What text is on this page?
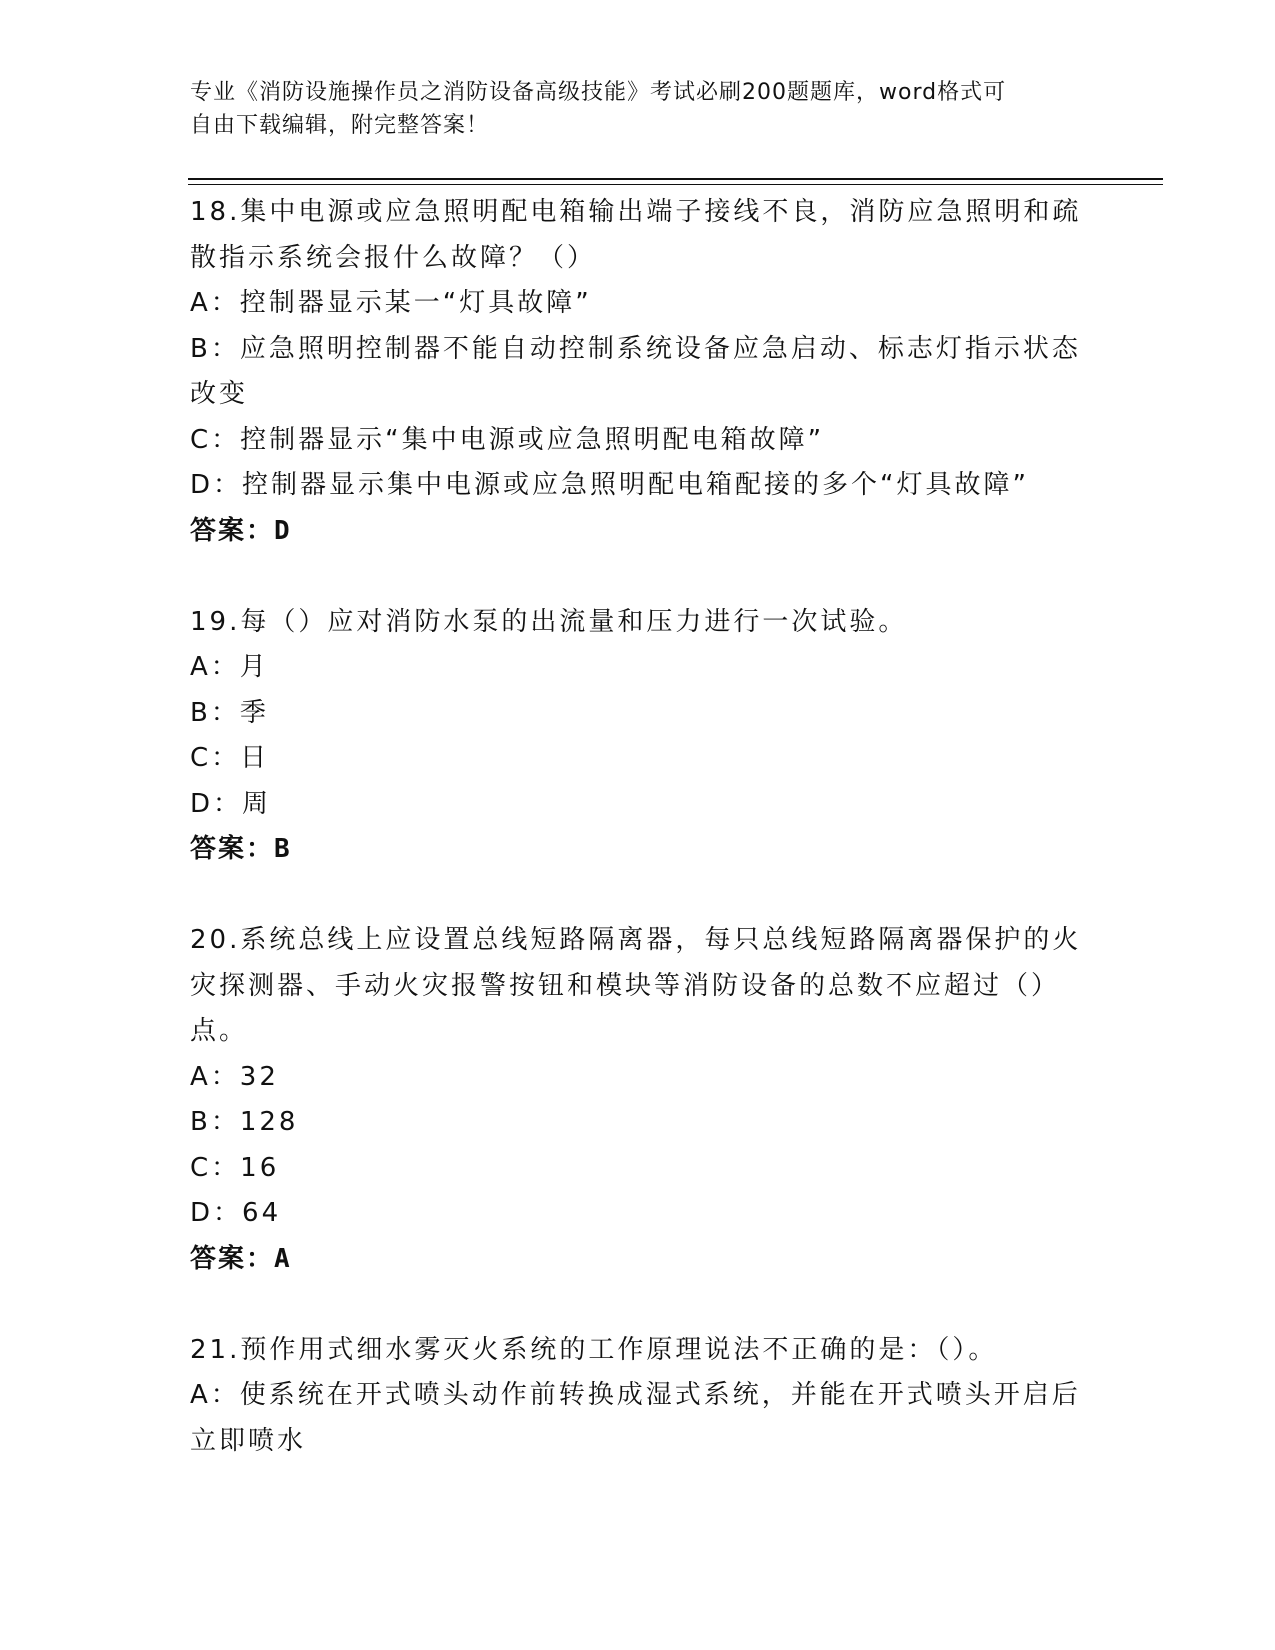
专业《消防设施操作员之消防设备高级技能》考试必刷200题题库，word格式可
自由下载编辑，附完整答案！
18.集中电源或应急照明配电箱输出端子接线不良，消防应急照明和疏
散指示系统会报什么故障？（）
A：控制器显示某一“灯具故障”
B：应急照明控制器不能自动控制系统设备应急启动、标志灯指示状态
改变
C：控制器显示“集中电源或应急照明配电箱故障”
D：控制器显示集中电源或应急照明配电箱配接的多个“灯具故障”
答案：D
19.每（）应对消防水泵的出流量和压力进行一次试验。
A：月
B：季
C：日
D：周
答案：B
20.系统总线上应设置总线短路隔离器，每只总线短路隔离器保护的火
灾探测器、手动火灾报警按钮和模块等消防设备的总数不应超过（）
点。
A：32
B：128
C：16
D：64
答案：A
21.预作用式细水雾灭火系统的工作原理说法不正确的是：（）。
A：使系统在开式喷头动作前转换成湿式系统，并能在开式喷头开启后
立即喷水
